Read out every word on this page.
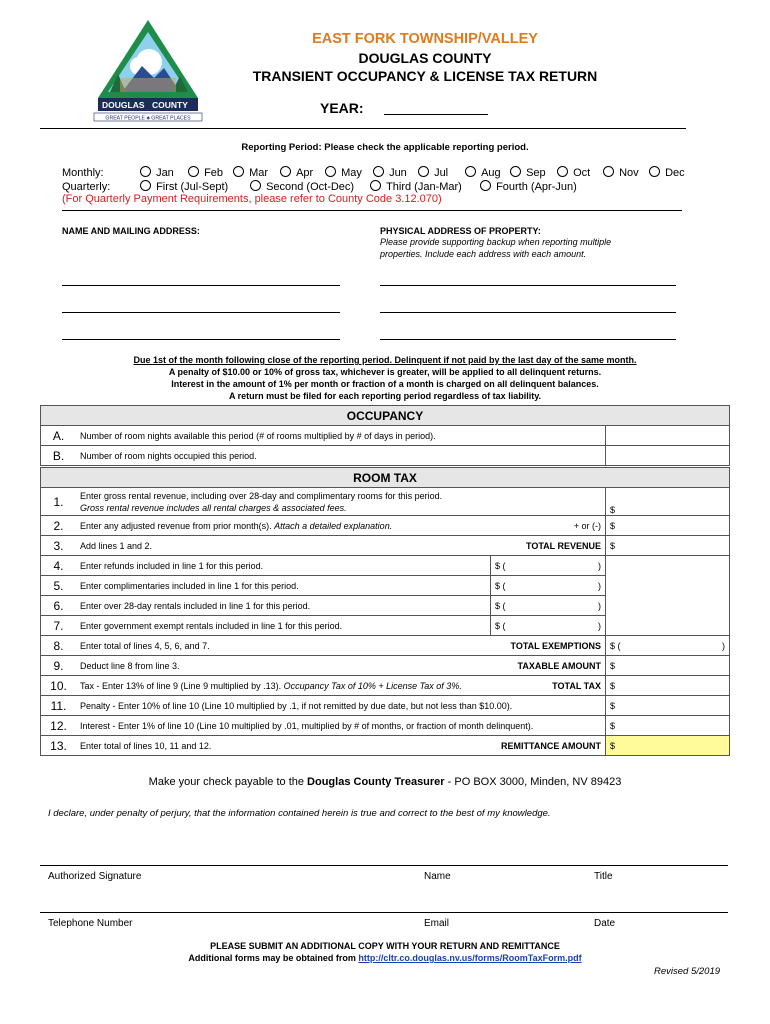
NEVADA	EST. 1861
DOUGLAS COUNTY
GREAT PEOPLE ♣ GREAT PLACES
EAST FORK TOWNSHIP/VALLEY
DOUGLAS COUNTY
TRANSIENT OCCUPANCY & LICENSE TAX RETURN
YEAR:
Reporting Period: Please check the applicable reporting period.
Monthly:	Jan	Feb Mar	Apr	May Jun Jul	Aug Sep Oct	Nov Dec
Quarterly:	First (Jul-Sept)	Second (Oct-Dec)	Third (Jan-Mar)	Fourth (Apr-Jun)
(For Quarterly Payment Requirements, please refer to County Code 3.12.070)
NAME AND MAILING ADDRESS:	PHYSICAL ADDRESS OF PROPERTY:
Please provide supporting backup when reporting multiple
properties. Include each address with each amount.
Due 1st of the month following close of the reporting period. Delinquent if not paid by the last day of the same month.
A penalty of $10.00 or 10% of gross tax, whichever is greater, will be applied to all delinquent returns.
Interest in the amount of 1% per month or fraction of a month is charged on all delinquent balances.
A return must be filed for each reporting period regardless of tax liability.
OCCUPANCY		
A.	Number of room nights available this period (# of rooms multiplied by # of days in period).	
B.	Number of room nights occupied this period.	
ROOM TAX			
1.	Enter gross rental revenue, including over 28-day and complimentary rooms for this period.
Gross rental revenue includes all rental charges & associated fees.		$
2.	Enter any adjusted revenue from prior month(s). Attach a detailed explanation. + or (-)		$
3.	Add lines 1 and 2. TOTAL REVENUE		$
4.	Enter refunds included in line 1 for this period.	$ ( )	

5.	Enter complimentaries included in line 1 for this period.	$ ( )	

6.	Enter over 28-day rentals included in line 1 for this period.	$ ( )	

7.	Enter government exempt rentals included in line 1 for this period.	$ ( )	

8.	Enter total of lines 4, 5, 6, and 7. TOTAL EXEMPTIONS		$ ( )

9.	Deduct line 8 from line 3. TAXABLE AMOUNT		$
10.	Tax - Enter 13% of line 9 (Line 9 multiplied by .13). Occupancy Tax of 10% + License Tax of 3%. TOTAL TAX		$
11.	Penalty - Enter 10% of line 10 (Line 10 multiplied by .1, if not remitted by due date, but not less than $10.00).		$
12.	Interest - Enter 1% of line 10 (Line 10 multiplied by .01, multiplied by # of months, or fraction of month delinquent).		$
13.	Enter total of lines 10, 11 and 12. REMITTANCE AMOUNT		$
Make your check payable to the Douglas County Treasurer - PO BOX 3000, Minden, NV 89423
I declare, under penalty of perjury, that the information contained herein is true and correct to the best of my knowledge.
Authorized Signature	Name	Title
Telephone Number	Email	Date
PLEASE SUBMIT AN ADDITIONAL COPY WITH YOUR RETURN AND REMITTANCE
Additional forms may be obtained from http://cltr.co.douglas.nv.us/forms/RoomTaxForm.pdf
Revised 5/2019
